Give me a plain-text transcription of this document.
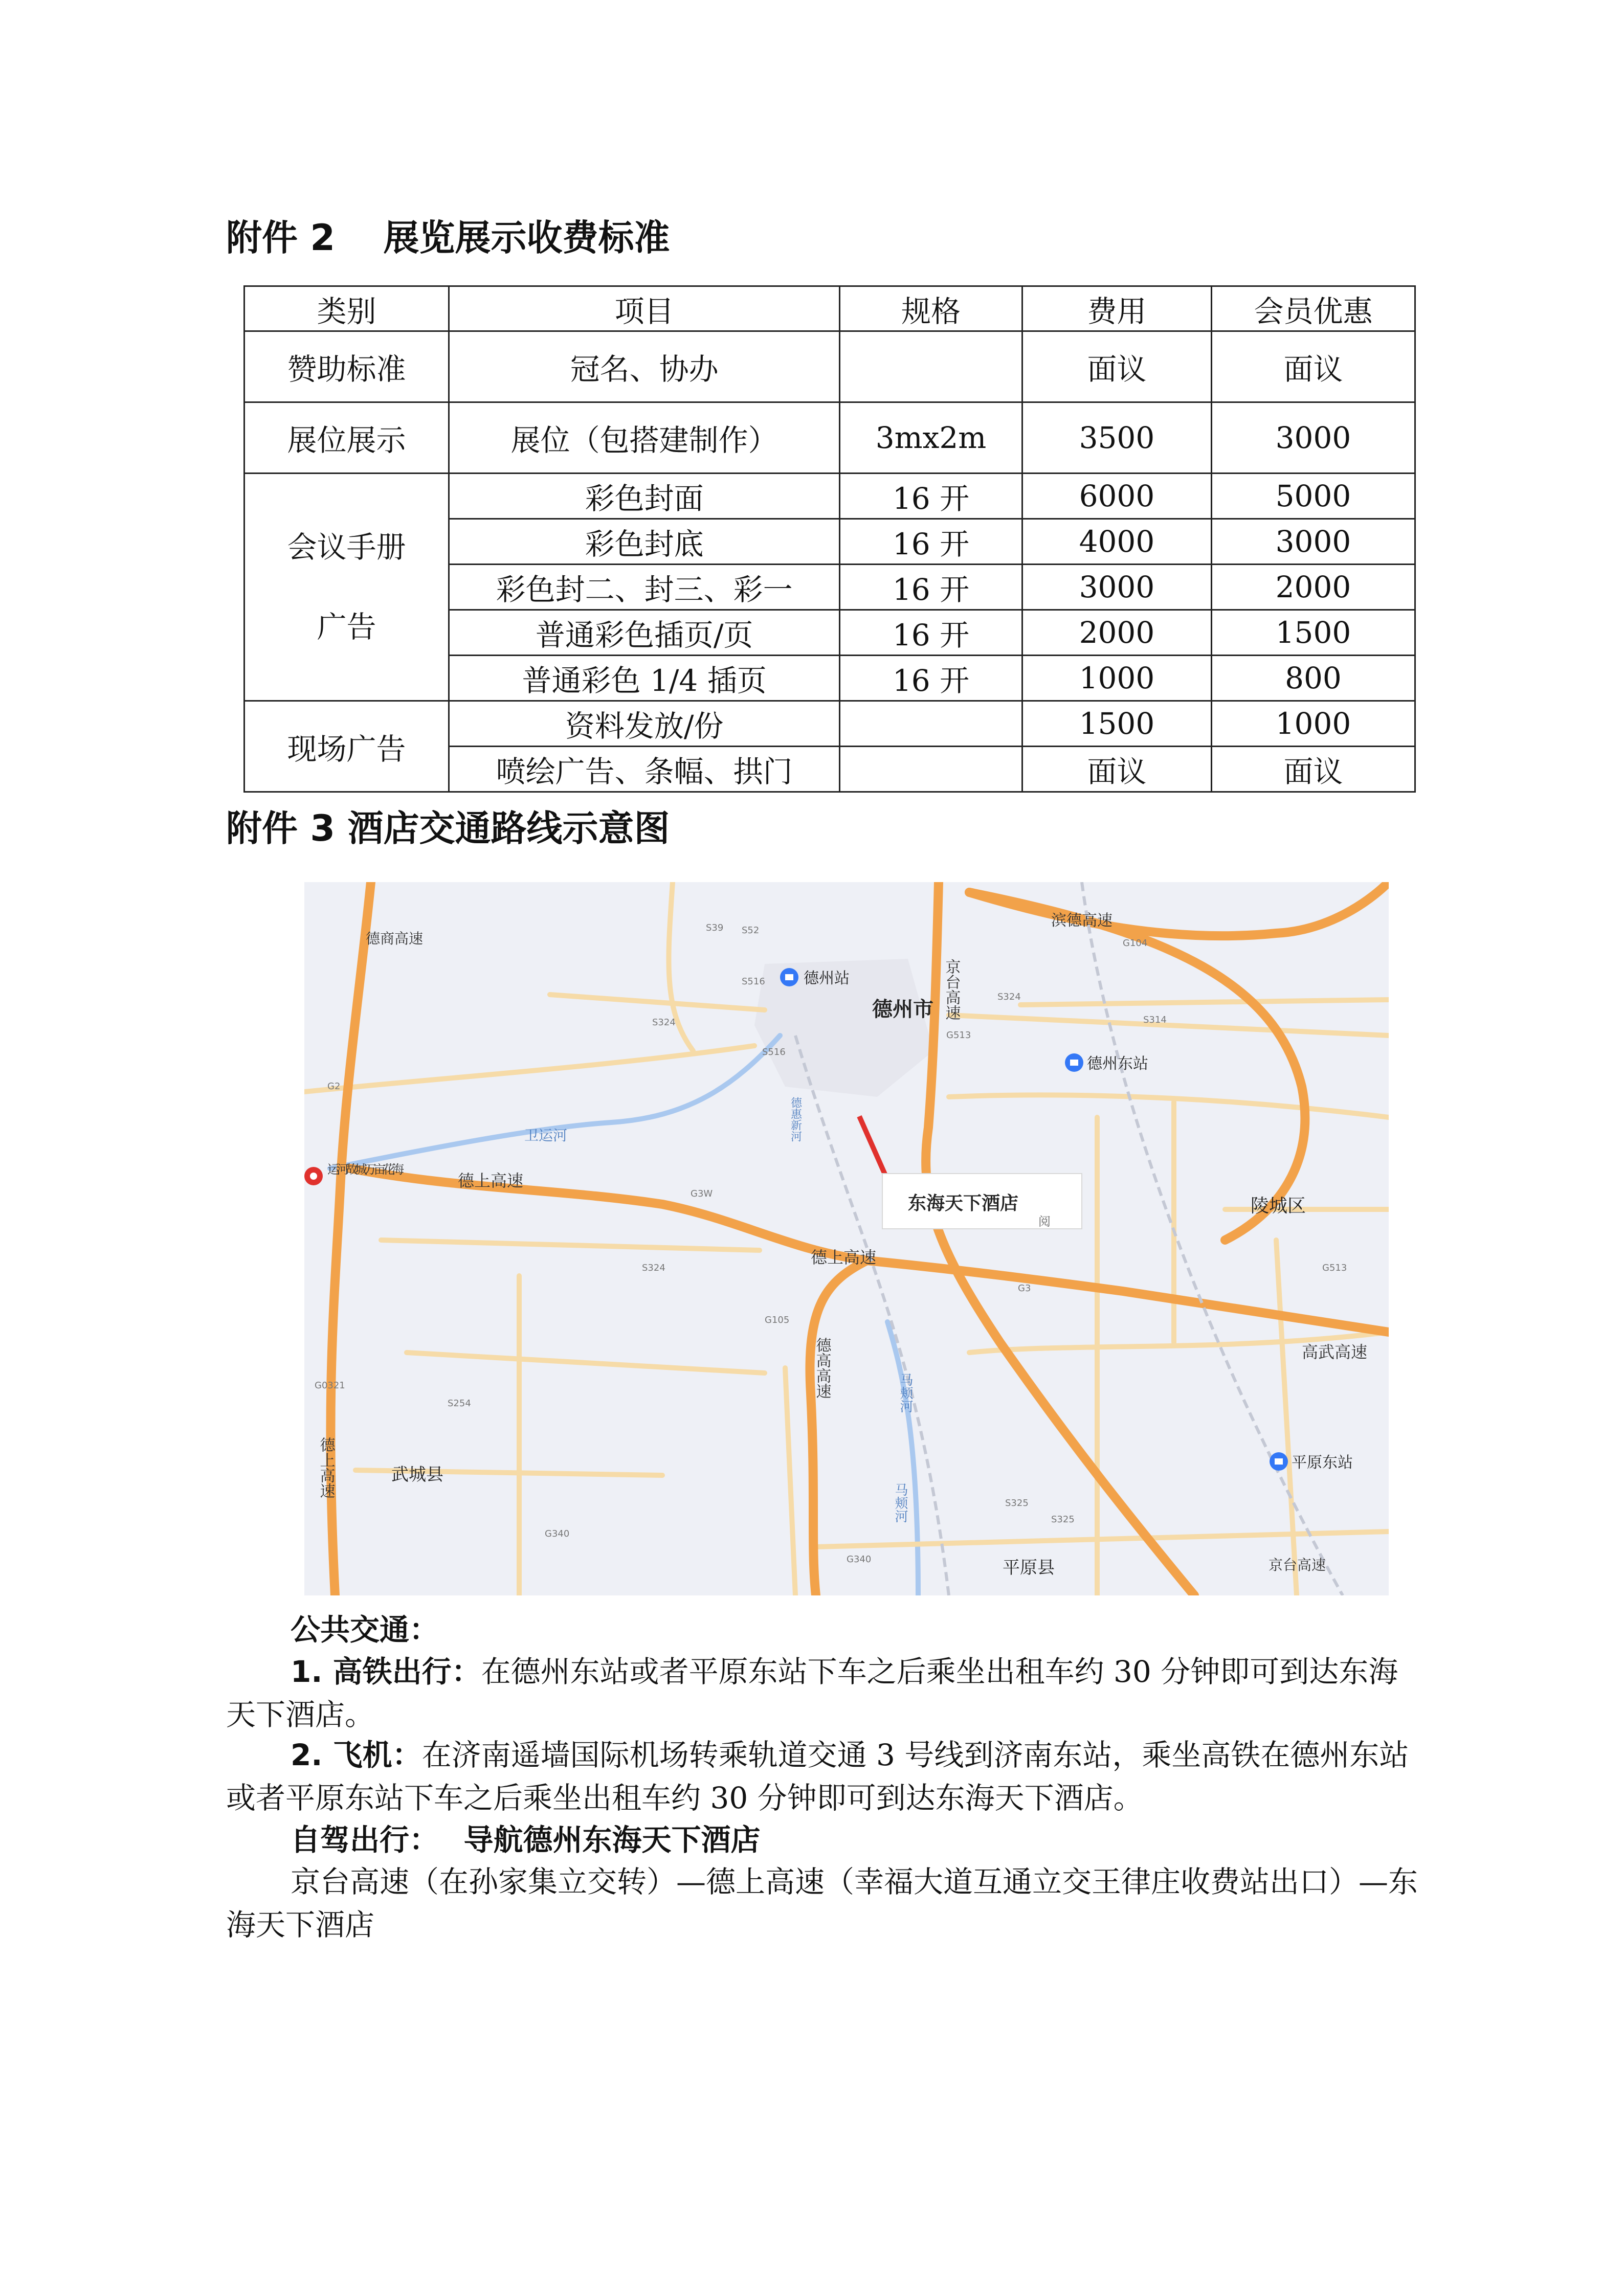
附件 2　 展览展示收费标准
类别	项目	规格	费用	会员优惠
赞助标准	冠名、协办		面议	面议
展位展示	展位（包搭建制作）	3mx2m	3500	3000

会议手册
广告	彩色封面	16 开	6000	5000
	彩色封底	16 开	4000	3000
	彩色封二、封三、彩一	16 开	3000	2000
	普通彩色插页/页	16 开	2000	1500
	普通彩色 1/4 插页	16 开	1000	800
现场广告	资料发放/份		1500	1000
	喷绘广告、条幅、拱门		面议	面议
附件 3 酒店交通路线示意图
东海天下酒店
阅
德州站
德州东站
平原东站
德州市
陵城区
武城县
平原县
京台高速
滨德高速
德上高速
德上高速
德高高速	高武高速
德上高速
京台高速
德商高速
卫运河
马颊河
马颊河
德惠新河
运河故城万亩花海
S39 S52
S516
S324
S516
G104
S324
G513
S314
G2
G3W
S324
G105
G3
G513
G0321
S254
G340
G340
S325
S325
公共交通：
1. 高铁出行：在德州东站或者平原东站下车之后乘坐出租车约 30 分钟即可到达东海天下酒店。
2. 飞机：在济南遥墙国际机场转乘轨道交通 3 号线到济南东站，乘坐高铁在德州东站或者平原东站下车之后乘坐出租车约 30 分钟即可到达东海天下酒店。
自驾出行： 导航德州东海天下酒店
京台高速（在孙家集立交转）—德上高速（幸福大道互通立交王律庄收费站出口）—东海天下酒店
